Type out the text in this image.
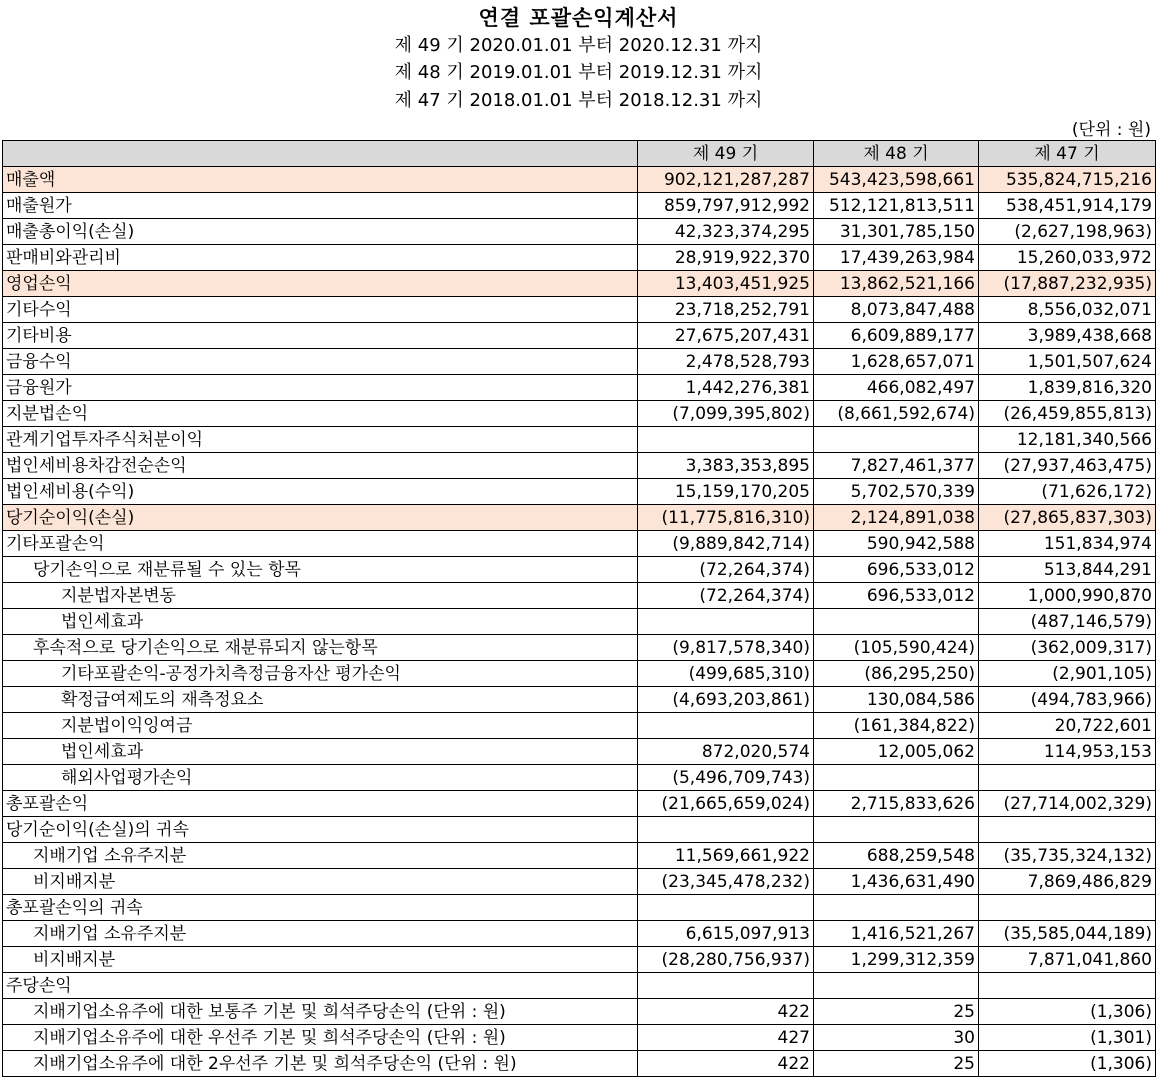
연결 포괄손익계산서
제 49 기 2020.01.01 부터 2020.12.31 까지
제 48 기 2019.01.01 부터 2019.12.31 까지
제 47 기 2018.01.01 부터 2018.12.31 까지
(단위 : 원)
	제 49 기	제 48 기	제 47 기
매출액	902,121,287,287	543,423,598,661	535,824,715,216
매출원가	859,797,912,992	512,121,813,511	538,451,914,179
매출총이익(손실)	42,323,374,295	31,301,785,150	(2,627,198,963)
판매비와관리비	28,919,922,370	17,439,263,984	15,260,033,972
영업손익	13,403,451,925	13,862,521,166	(17,887,232,935)
기타수익	23,718,252,791	8,073,847,488	8,556,032,071
기타비용	27,675,207,431	6,609,889,177	3,989,438,668
금융수익	2,478,528,793	1,628,657,071	1,501,507,624
금융원가	1,442,276,381	466,082,497	1,839,816,320
지분법손익	(7,099,395,802)	(8,661,592,674)	(26,459,855,813)
관계기업투자주식처분이익			12,181,340,566
법인세비용차감전순손익	3,383,353,895	7,827,461,377	(27,937,463,475)
법인세비용(수익)	15,159,170,205	5,702,570,339	(71,626,172)
당기순이익(손실)	(11,775,816,310)	2,124,891,038	(27,865,837,303)
기타포괄손익	(9,889,842,714)	590,942,588	151,834,974
당기손익으로 재분류될 수 있는 항목	(72,264,374)	696,533,012	513,844,291
지분법자본변동	(72,264,374)	696,533,012	1,000,990,870
법인세효과			(487,146,579)
후속적으로 당기손익으로 재분류되지 않는항목	(9,817,578,340)	(105,590,424)	(362,009,317)
기타포괄손익-공정가치측정금융자산 평가손익	(499,685,310)	(86,295,250)	(2,901,105)
확정급여제도의 재측정요소	(4,693,203,861)	130,084,586	(494,783,966)
지분법이익잉여금		(161,384,822)	20,722,601
법인세효과	872,020,574	12,005,062	114,953,153
해외사업평가손익	(5,496,709,743)		
총포괄손익	(21,665,659,024)	2,715,833,626	(27,714,002,329)
당기순이익(손실)의 귀속			
지배기업 소유주지분	11,569,661,922	688,259,548	(35,735,324,132)
비지배지분	(23,345,478,232)	1,436,631,490	7,869,486,829
총포괄손익의 귀속			
지배기업 소유주지분	6,615,097,913	1,416,521,267	(35,585,044,189)
비지배지분	(28,280,756,937)	1,299,312,359	7,871,041,860
주당손익			
지배기업소유주에 대한 보통주 기본 및 희석주당손익 (단위 : 원)	422	25	(1,306)
지배기업소유주에 대한 우선주 기본 및 희석주당손익 (단위 : 원)	427	30	(1,301)
지배기업소유주에 대한 2우선주 기본 및 희석주당손익 (단위 : 원)	422	25	(1,306)
